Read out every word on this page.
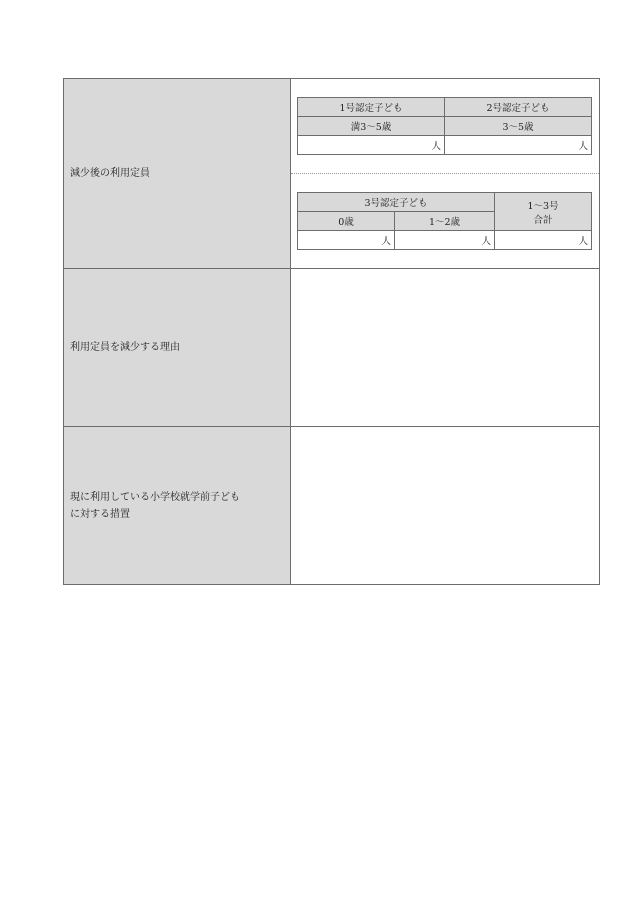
減少後の利用定員
1号認定子ども	2号認定子ども
満3～5歳	3～5歳
人	人
3号認定子ども		1～3号
合計

0歳	1～2歳	
人	人	人
利用定員を減少する理由
現に利用している小学校就学前子ども
に対する措置
